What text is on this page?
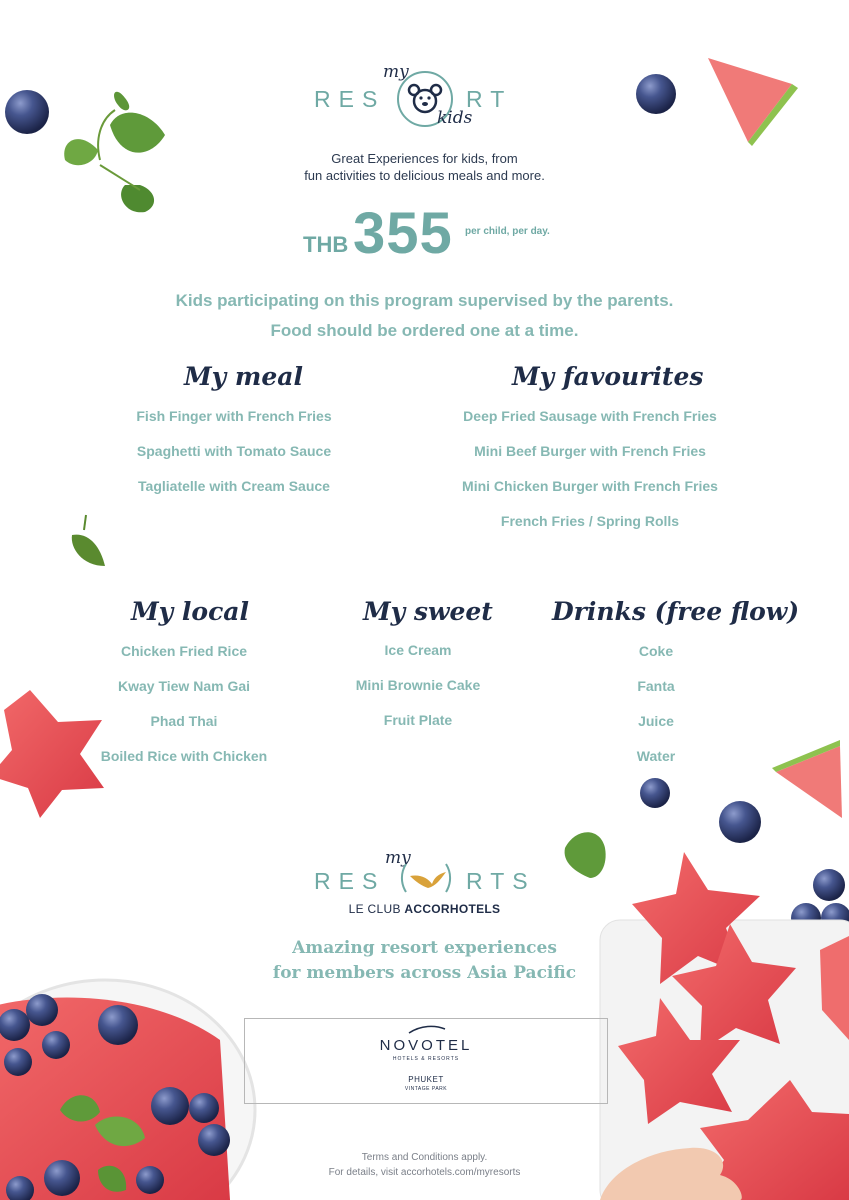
my
RES	RT
kids
Great Experiences for kids, from
fun activities to delicious meals and more.
THB 355 per child, per day.
Kids participating on this program supervised by the parents.
Food should be ordered one at a time.
My meal
Fish Finger with French Fries
Spaghetti with Tomato Sauce
Tagliatelle with Cream Sauce
My favourites
Deep Fried Sausage with French Fries
Mini Beef Burger with French Fries
Mini Chicken Burger with French Fries
French Fries / Spring Rolls
My local
Chicken Fried Rice
Kway Tiew Nam Gai
Phad Thai
Boiled Rice with Chicken
My sweet
Ice Cream
Mini Brownie Cake
Fruit Plate
Drinks (free flow)
Coke
Fanta
Juice
Water
my
RES	RTS
LE CLUB ACCORHOTELS
Amazing resort experiences
for members across Asia Pacific
NOVOTEL
HOTELS & RESORTS
PHUKET
VINTAGE PARK
Terms and Conditions apply.
For details, visit accorhotels.com/myresorts
